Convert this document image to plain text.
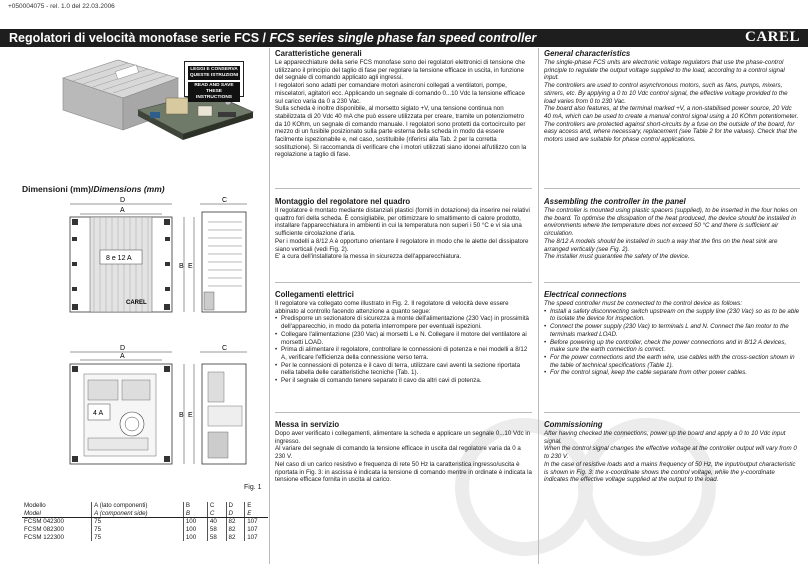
+050004075 - rel. 1.0 del 22.03.2006
Regolatori di velocità monofase serie FCS / FCS series single phase fan speed controller	CAREL
LEGGI E CONSERVA QUESTE ISTRUZIONI
READ AND SAVE THESE INSTRUCTIONS
Dimensioni (mm)/Dimensions (mm)
D
A
8 e 12 A
CAREL
B E
C
D
A
4 A	B E
C
Fig. 1
Modello	A (lato componenti)	B	C	D	E
Model	A (component side)	B	C	D	E
FCSM 042300	75	100	40	82	107
FCSM 082300	75	100	58	82	107
FCSM 122300	75	100	58	82	107
Caratteristiche generali

Le apparecchiature della serie FCS monofase sono dei regolatori elettronici di tensione che utilizzano il principio del taglio di fase per regolare la tensione efficace in uscita, in funzione del segnale di comando applicato agli ingressi.

I regolatori sono adatti per comandare motori asincroni collegati a ventilatori, pompe, miscelatori, agitatori ecc. Applicando un segnale di comando 0...10 Vdc la tensione efficace sul carico varia da 0 a 230 Vac.

Sulla scheda è inoltre disponibile, al morsetto siglato +V, una tensione continua non stabilizzata di 20 Vdc 40 mA che può essere utilizzata per creare, tramite un potenziometro da 10 KOhm, un segnale di comando manuale. I regolatori sono protetti da cortocircuito per mezzo di un fusibile posizionato sulla parte esterna della scheda in modo da essere facilmente ispezionabile e, nel caso, sostituibile (riferirsi alla Tab. 2 per la corretta sostituzione). Si raccomanda di verificare che i motori utilizzati siano idonei all'utilizzo con la regolazione a taglio di fase.

Montaggio del regolatore nel quadro

Il regolatore è montato mediante distanziali plastici (forniti in dotazione) da inserire nei relativi quattro fori della scheda. È consigliabile, per ottimizzare lo smaltimento di calore prodotto, installare l'apparecchiatura in ambienti in cui la temperatura non superi i 50 °C e vi sia una sufficiente circolazione d'aria.

Per i modelli a 8/12 A è opportuno orientare il regolatore in modo che le alette del dissipatore siano verticali (vedi Fig. 2).

E' a cura dell'installatore la messa in sicurezza dell'apparecchiatura.

Collegamenti elettrici

Il regolatore va collegato come illustrato in Fig. 2. Il regolatore di velocità deve essere abbinato al controllo facendo attenzione a quanto segue:

• Predisporre un sezionatore di sicurezza a monte dell'alimentazione (230 Vac) in prossimità dell'apparecchio, in modo da poterla interrompere per eventuali ispezioni.
• Collegare l'alimentazione (230 Vac) ai morsetti L e N. Collegare il motore del ventilatore ai morsetti LOAD.
• Prima di alimentare il regolatore, controllare le connessioni di potenza e nei modelli a 8/12 A, verificare l'efficienza della connessione verso terra.
• Per le connessioni di potenza e il cavo di terra, utilizzare cavi aventi la sezione riportata nella tabella delle caratteristiche tecniche (Tab. 1).
• Per il segnale di comando tenere separato il cavo da altri cavi di potenza.
Messa in servizio

Dopo aver verificato i collegamenti, alimentare la scheda e applicare un segnale 0...10 Vdc in ingresso.

Al variare del segnale di comando la tensione efficace in uscita dal regolatore varia da 0 a 230 V.

Nel caso di un carico resistivo e frequenza di rete 50 Hz la caratteristica ingresso/uscita è riportata in Fig. 3: in ascissa è indicata la tensione di comando mentre in ordinate è indicata la tensione efficace fornita in uscita al carico.

General characteristics

The single-phase FCS units are electronic voltage regulators that use the phase-control principle to regulate the output voltage supplied to the load, according to a control signal input.

The controllers are used to control asynchronous motors, such as fans, pumps, mixers, stirrers, etc. By applying a 0 to 10 Vdc control signal, the effective voltage provided to the load varies from 0 to 230 Vac.

The board also features, at the terminal marked +V, a non-stabilised power source, 20 Vdc 40 mA, which can be used to create a manual control signal using a 10 KOhm potentiometer. The controllers are protected against short-circuits by a fuse on the outside of the board, for easy access and, where necessary, replacement (see Table 2 for the values). Check that the motors used are suitable for phase control applications.

Assembling the controller in the panel

The controller is mounted using plastic spacers (supplied), to be inserted in the four holes on the board. To optimise the dissipation of the heat produced, the device should be installed in environments where the temperature does not exceed 50 °C and there is sufficient air circulation.

The 8/12 A models should be installed in such a way that the fins on the heat sink are arranged vertically (see Fig. 2).

The installer must guarantee the safety of the device.

Electrical connections

The speed controller must be connected to the control device as follows:

• Install a safety disconnecting switch upstream on the supply line (230 Vac) so as to be able to isolate the device for inspection.
• Connect the power supply (230 Vac) to terminals L and N. Connect the fan motor to the terminals marked LOAD.
• Before powering up the controller, check the power connections and in 8/12 A devices, make sure the earth connection is correct.
• For the power connections and the earth wire, use cables with the cross-section shown in the table of technical specifications (Table 1).
• For the control signal, keep the cable separate from other power cables.
Commissioning

After having checked the connections, power up the board and apply a 0 to 10 Vdc input signal.

When the control signal changes the effective voltage at the controller output will vary from 0 to 230 V.

In the case of resistive loads and a mains frequency of 50 Hz, the input/output characteristic is shown in Fig. 3: the x-coordinate shows the control voltage, while the y-coordinate indicates the effective voltage supplied at the output to the load.
